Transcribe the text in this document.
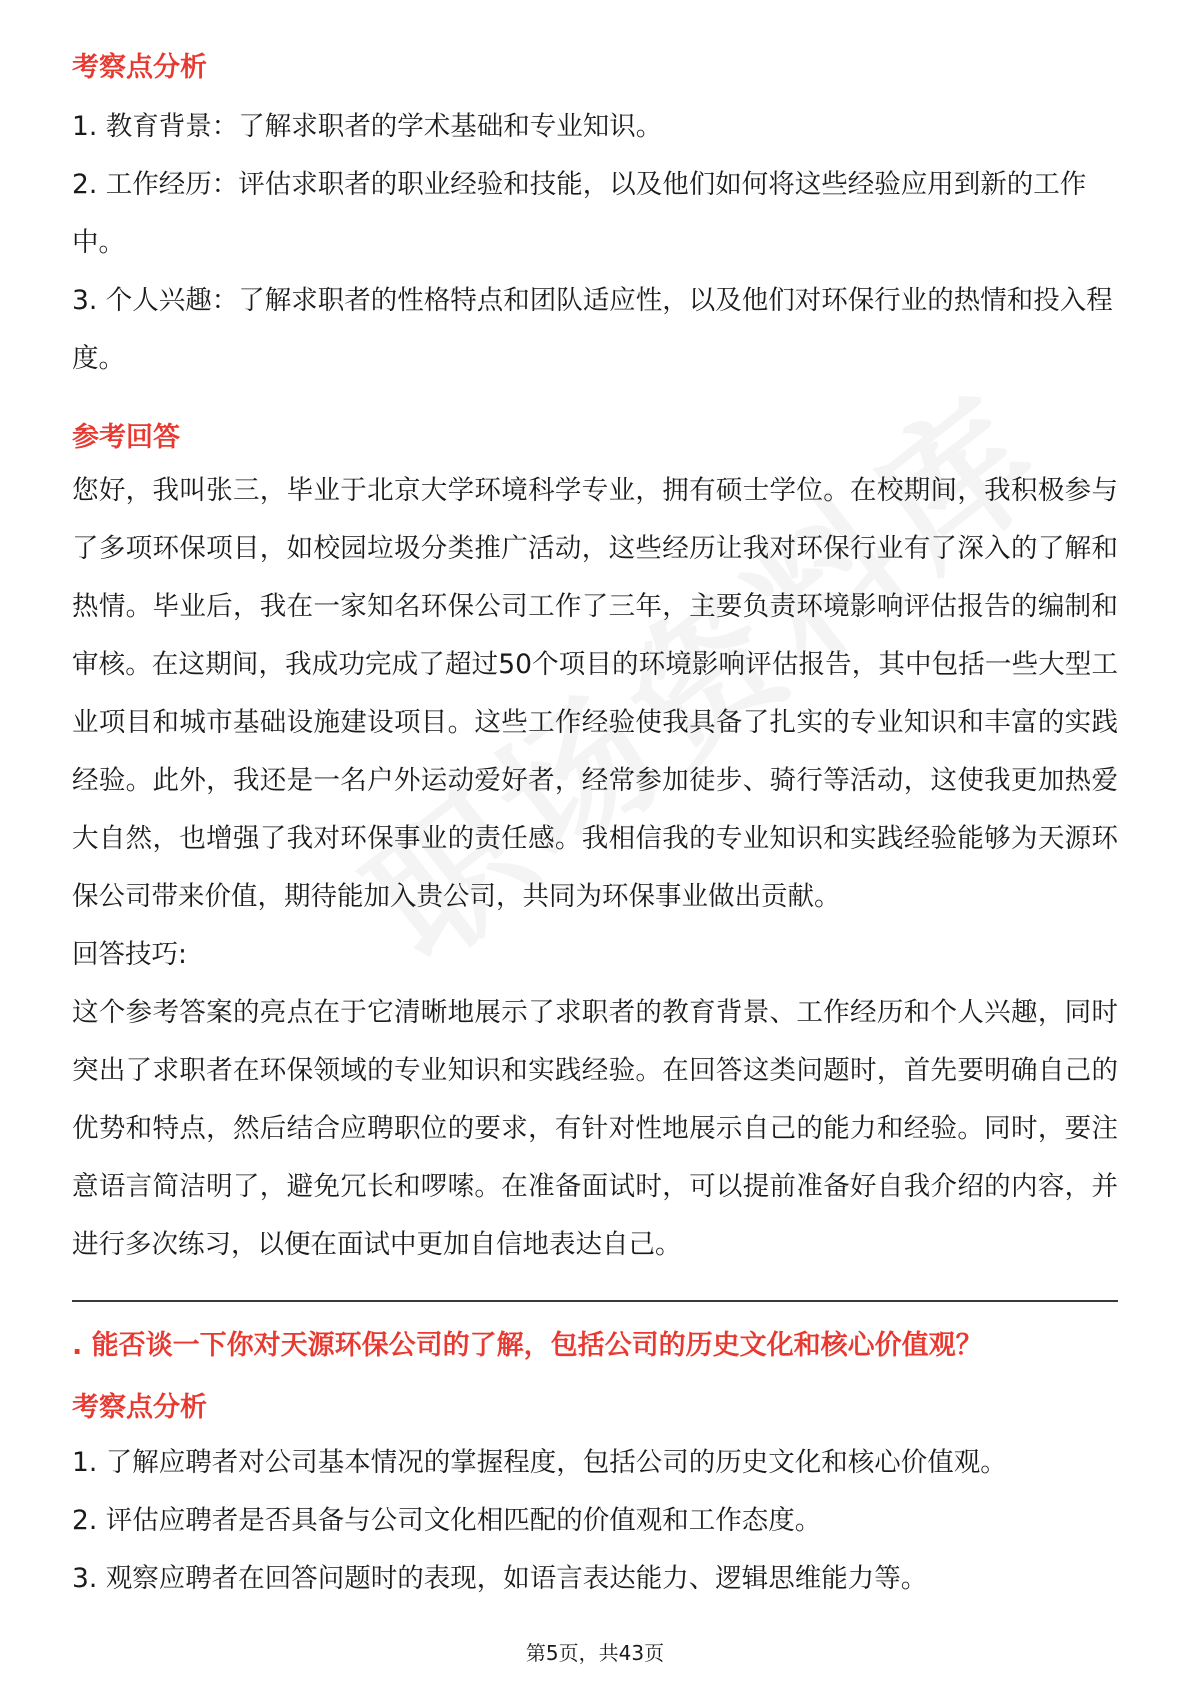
考察点分析

1. 教育背景：了解求职者的学术基础和专业知识。

2. 工作经历：评估求职者的职业经验和技能，以及他们如何将这些经验应用到新的工作中。

3. 个人兴趣：了解求职者的性格特点和团队适应性，以及他们对环保行业的热情和投入程度。

参考回答

您好，我叫张三，毕业于北京大学环境科学专业，拥有硕士学位。在校期间，我积极参与了多项环保项目，如校园垃圾分类推广活动，这些经历让我对环保行业有了深入的了解和热情。毕业后，我在一家知名环保公司工作了三年，主要负责环境影响评估报告的编制和审核。在这期间，我成功完成了超过50个项目的环境影响评估报告，其中包括一些大型工业项目和城市基础设施建设项目。这些工作经验使我具备了扎实的专业知识和丰富的实践经验。此外，我还是一名户外运动爱好者，经常参加徒步、骑行等活动，这使我更加热爱大自然，也增强了我对环保事业的责任感。我相信我的专业知识和实践经验能够为天源环保公司带来价值，期待能加入贵公司，共同为环保事业做出贡献。

回答技巧:

这个参考答案的亮点在于它清晰地展示了求职者的教育背景、工作经历和个人兴趣，同时突出了求职者在环保领域的专业知识和实践经验。在回答这类问题时，首先要明确自己的优势和特点，然后结合应聘职位的要求，有针对性地展示自己的能力和经验。同时，要注意语言简洁明了，避免冗长和啰嗦。在准备面试时，可以提前准备好自我介绍的内容，并进行多次练习，以便在面试中更加自信地表达自己。

. 能否谈一下你对天源环保公司的了解，包括公司的历史文化和核心价值观？

考察点分析

1. 了解应聘者对公司基本情况的掌握程度，包括公司的历史文化和核心价值观。

2. 评估应聘者是否具备与公司文化相匹配的价值观和工作态度。

3. 观察应聘者在回答问题时的表现，如语言表达能力、逻辑思维能力等。

第5页，共43页
